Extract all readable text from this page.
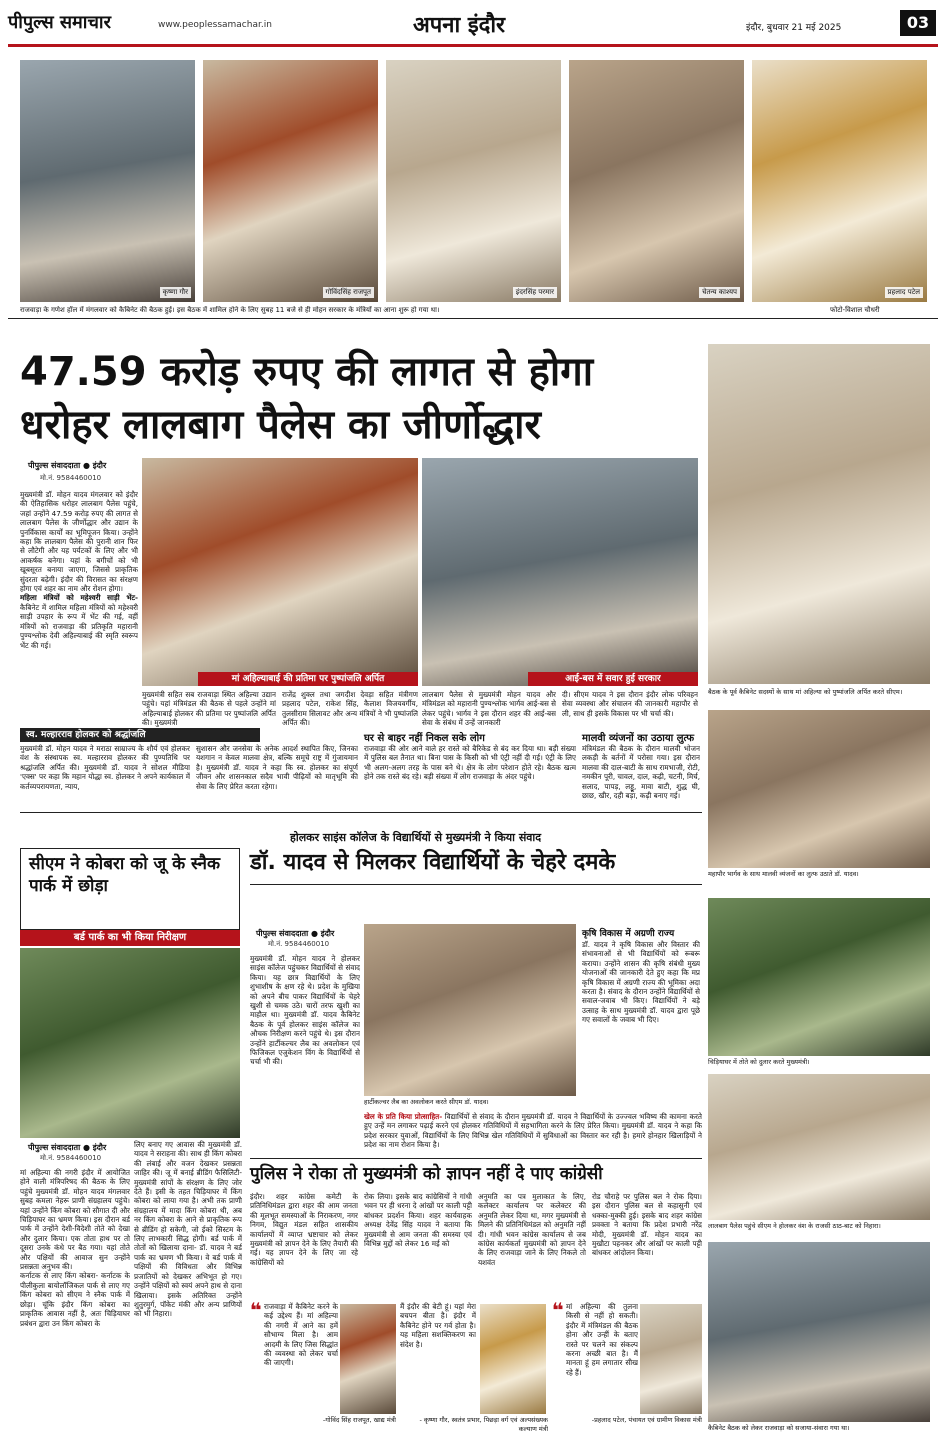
पीपुल्स समाचार	www.peoplessamachar.in	अपना इंदौर	इंदौर, बुधवार 21 मई 2025	03
कृष्णा गौर	गोविंदसिंह राजपूत	इंदरसिंह परमार	चेतन्य काश्यप	प्रहलाद पटेल
राजवाड़ा के गणेश हॉल में मंगलवार को कैबिनेट की बैठक हुई। इस बैठक में शामिल होने के लिए सुबह 11 बजे से ही मोहन सरकार के मंत्रियों का आना शुरू हो गया था।	फोटो-विशाल चौधरी
47.59 करोड़ रुपए की लागत से होगा
धरोहर लालबाग पैलेस का जीर्णोद्धार
पीपुल्स संवाददाता ● इंदौर
मो.नं. 9584460010

मुख्यमंत्री डॉ. मोहन यादव मंगलवार को इंदौर की ऐतिहासिक धरोहर लालबाग पैलेस पहुंचे, जहां उन्होंने 47.59 करोड़ रुपए की लागत से लालबाग पैलेस के जीर्णोद्धार और उद्यान के पुनर्विकास कार्यों का भूमिपूजन किया। उन्होंने कहा कि लालबाग पैलेस की पुरानी शान फिर से लौटेगी और यह पर्यटकों के लिए और भी आकर्षक बनेगा। यहां के बगीचों को भी खूबसूरत बनाया जाएगा, जिससे प्राकृतिक सुंदरता बढ़ेगी। इंदौर की विरासत का संरक्षण होगा एवं शहर का नाम और रोशन होगा।

महिला मंत्रियों को महेश्वरी साड़ी भेंट- कैबिनेट में शामिल महिला मंत्रियों को महेश्वरी साड़ी उपहार के रूप में भेंट की गई, वहीं मंत्रियों को राजवाड़ा की प्रतिकृति महारानी पुण्यश्लोक देवी अहिल्याबाई की स्मृति स्वरूप भेंट की गई।

मां अहिल्याबाई की प्रतिमा पर पुष्पांजलि अर्पित	आई-बस में सवार हुई सरकार
मुख्यमंत्री सहित सब राजवाड़ा स्थित अहिल्या उद्यान पहुंचे। यहां मंत्रिमंडल की बैठक से पहले उन्होंने मां अहिल्याबाई होलकर की प्रतिमा पर पुष्पांजलि अर्पित की। मुख्यमंत्री
राजेंद्र शुक्ल तथा जगदीश देवड़ा सहित मंत्रीगण प्रहलाद पटेल, राकेश सिंह, कैलाश विजयवर्गीय, तुलसीराम सिलावट और अन्य मंत्रियों ने भी पुष्पांजलि अर्पित की।
लालबाग पैलेस से मुख्यमंत्री मोहन यादव और मंत्रिमंडल को महारानी पुण्यश्लोक भार्गव आई-बस से लेकर पहुंचे। भार्गव ने इस दौरान शहर की आई-बस सेवा के संबंध में उन्हें जानकारी
दी। सीएम यादव ने इस दौरान इंदौर लोक परिवहन सेवा व्यवस्था और संचालन की जानकारी महापौर से ली, साथ ही इसके विकास पर भी चर्चा की।
स्व. मल्हारराव होलकर को श्रद्धांजलि
मुख्यमंत्री डॉ. मोहन यादव ने मराठा साम्राज्य के शौर्य एवं होलकर वंश के संस्थापक स्व. मल्हारराव होलकर की पुण्यतिथि पर श्रद्धांजलि अर्पित की। मुख्यमंत्री डॉ. यादव ने सोशल मीडिया 'एक्स' पर कहा कि महान योद्धा स्व. होलकर ने अपने कार्यकाल में कर्तव्यपरायणता, न्याय,
सुशासन और जनसेवा के अनेक आदर्श स्थापित किए, जिनका यशगान न केवल मालवा क्षेत्र, बल्कि समूचे राष्ट्र में गुंजायमान है। मुख्यमंत्री डॉ. यादव ने कहा कि स्व. होलकर का संपूर्ण जीवन और शासनकाल सदैव भावी पीढ़ियों को मातृभूमि की सेवा के लिए प्रेरित करता रहेगा।
घर से बाहर नहीं निकल सके लोग
राजवाड़ा की ओर आने वाले हर रास्ते को बैरिकेड से बंद कर दिया था। बड़ी संख्या में पुलिस बल तैनात था। बिना पास के किसी को भी एंट्री नहीं दी गई। एंट्री के लिए भी अलग-अलग तरह के पास बने थे। क्षेत्र के लोग परेशान होते रहे। बैठक खत्म होने तक रास्ते बंद रहे। बड़ी संख्या में लोग राजवाड़ा के अंदर पहुंचे।
मालवी व्यंजनों का उठाया लुत्फ
मंत्रिमंडल की बैठक के दौरान मालवी भोजन लकड़ी के बर्तनों में परोसा गया। इस दौरान मालवा की दाल-बाटी के साथ रामभाजी, रोटी, नमकीन पूरी, चावल, दाल, कढ़ी, चटनी, मिर्च, सलाद, पापड़, लड्डू, मावा बाटी, शुद्ध घी, छाछ, खीर, दही बड़ा, कढ़ी बनाए गई।
बैठक के पूर्व कैबिनेट सदस्यों के साथ मां अहिल्या को पुष्पांजलि अर्पित करते सीएम।
महापौर भार्गव के साथ मालवी व्यंजनों का लुत्फ उठाते डॉ. यादव।
चिड़ियाघर में तोते को दुलार करते मुख्यमंत्री।
लालबाग पैलेस पहुंचे सीएम ने होलकर वंश के राजसी ठाठ-बाट को निहारा।
कैबिनेट बैठक को लेकर राजवाड़ा को सजाया-संवारा गया था।
सीएम ने कोबरा को जू के स्नैक पार्क में छोड़ा
बर्ड पार्क का भी किया निरीक्षण
पीपुल्स संवाददाता ● इंदौर
मो.नं. 9584460010

मां अहिल्या की नगरी इंदौर में आयोजित होने वाली मंत्रिपरिषद की बैठक के लिए पहुंचे मुख्यमंत्री डॉ. मोहन यादव मंगलवार सुबह कमला नेहरू प्राणी संग्रहालय पहुंचे। यहां उन्होंने किंग कोबरा को सौगात दी और चिड़ियाघर का भ्रमण किया। इस दौरान बर्ड पार्क में उन्होंने देशी-विदेशी तोते को देखा और दुलार किया। एक तोता हाथ पर तो दूसरा उनके कंधे पर बैठ गया। यहां तोते और पक्षियों की आवाज सुन उन्होंने प्रसन्नता अनुभव की।

कर्नाटक से लाए किंग कोबरा- कर्नाटक के पीलीकुला बायोलॉजिकल पार्क से लाए गए किंग कोबरा को सीएम ने स्नैक पार्क में छोड़ा। चूंकि इंदौर किंग कोबरा का प्राकृतिक आवास नहीं है, अतः चिड़ियाघर प्रबंधन द्वारा उन किंग कोबरा के

लिए बनाए गए आवास की मुख्यमंत्री डॉ. यादव ने सराहना की। साथ ही किंग कोबरा की लंबाई और वजन देखकर प्रसन्नता जाहिर की। जू में बनाई ब्रीडिंग फैसिलिटी- मुख्यमंत्री सांपों के संरक्षण के लिए जोर देते हैं। इसी के तहत चिड़ियाघर में किंग कोबरा को लाया गया है। अभी तक प्राणी संग्रहालय में मादा किंग कोबरा थी, अब नर किंग कोबरा के आने से प्राकृतिक रूप से ब्रीडिंग हो सकेगी, जो ईको सिस्टम के लिए लाभकारी सिद्ध होगी। बर्ड पार्क में तोतों को खिलाया दाना- डॉ. यादव ने बर्ड पार्क का भ्रमण भी किया। वे बर्ड पार्क में पक्षियों की विविधता और विभिन्न प्रजातियों को देखकर अभिभूत हो गए। उन्होंने पक्षियों को स्वयं अपने हाथ से दाना खिलाया। इसके अतिरिक्त उन्होंने शुतुरमुर्ग, पॉकेट मंकी और अन्य प्राणियों को भी निहारा।
होलकर साइंस कॉलेज के विद्यार्थियों से मुख्यमंत्री ने किया संवाद
डॉ. यादव से मिलकर विद्यार्थियों के चेहरे दमके
पीपुल्स संवाददाता ● इंदौर
मो.नं. 9584460010
मुख्यमंत्री डॉ. मोहन यादव ने होलकर साइंस कॉलेज पहुंचकर विद्यार्थियों से संवाद किया। यह छात्र विद्यार्थियों के लिए शुभाशीष के क्षण रहे थे। प्रदेश के मुखिया को अपने बीच पाकर विद्यार्थियों के चेहरे खुशी से चमक उठे। चारों तरफ खुशी का माहौल था। मुख्यमंत्री डॉ. यादव कैबिनेट बैठक के पूर्व होलकर साइंस कॉलेज का औचक निरीक्षण करने पहुंचे थे। इस दौरान उन्होंने हार्टीकल्चर लैब का अवलोकन एवं फिजिकल एजुकेशन विंग के विद्यार्थियों से चर्चा भी की।
हार्टीकल्चर लैब का अवलोकन करते सीएम डॉ. यादव।
कृषि विकास में अग्रणी राज्य
डॉ. यादव ने कृषि विकास और विस्तार की संभावनाओं से भी विद्यार्थियों को रूबरू कराया। उन्होंने शासन की कृषि संबंधी मुख्य योजनाओं की जानकारी देते हुए कहा कि मप्र कृषि विकास में अग्रणी राज्य की भूमिका अदा करता है। संवाद के दौरान उन्होंने विद्यार्थियों से सवाल-जवाब भी किए। विद्यार्थियों ने बड़े उत्साह के साथ मुख्यमंत्री डॉ. यादव द्वारा पूछे गए सवालों के जवाब भी दिए।
खेल के प्रति किया प्रोत्साहित- विद्यार्थियों से संवाद के दौरान मुख्यमंत्री डॉ. यादव ने विद्यार्थियों के उज्ज्वल भविष्य की कामना करते हुए उन्हें मन लगाकर पढ़ाई करने एवं होलकर गतिविधियों में सहभागिता करने के लिए प्रेरित किया। मुख्यमंत्री डॉ. यादव ने कहा कि प्रदेश सरकार युवाओं, विद्यार्थियों के लिए विभिन्न खेल गतिविधियों में सुविधाओं का विस्तार कर रही है। हमारे होनहार खिलाड़ियों ने प्रदेश का नाम रोशन किया है।
पुलिस ने रोका तो मुख्यमंत्री को ज्ञापन नहीं दे पाए कांग्रेसी
इंदौर। शहर कांग्रेस कमेटी के प्रतिनिधिमंडल द्वारा शहर की आम जनता की मूलभूत समस्याओं के निराकरण, नगर निगम, विद्युत मंडल सहित शासकीय कार्यालयों में व्याप्त भ्रष्टाचार को लेकर मुख्यमंत्री को ज्ञापन देने के लिए तैयारी की गई। यह ज्ञापन देने के लिए जा रहे कांग्रेसियों को
रोक लिया। इसके बाद कांग्रेसियों ने गांधी भवन पर ही धरना दे आंखों पर काली पट्टी बांधकर प्रदर्शन किया। शहर कार्यवाहक अध्यक्ष देवेंद्र सिंह यादव ने बताया कि मुख्यमंत्री से आम जनता की समस्या एवं विभिन्न मुद्दों को लेकर 16 मई को
अनुमति का पत्र मुलाकात के लिए, कलेक्टर कार्यालय पर कलेक्टर की अनुमति लेकर दिया था, मगर मुख्यमंत्री से मिलने की प्रतिनिधिमंडल को अनुमति नहीं दी। गांधी भवन कांग्रेस कार्यालय से जब कांग्रेस कार्यकर्ता मुख्यमंत्री को ज्ञापन देने के लिए राजवाड़ा जाने के लिए निकले तो यशवंत
रोड चौराहे पर पुलिस बल ने रोक दिया। इस दौरान पुलिस बल से कहासुनी एवं धक्का-मुक्की हुई। इसके बाद शहर कांग्रेस प्रवक्ता ने बताया कि प्रदेश प्रभारी नरेंद्र मोदी, मुख्यमंत्री डॉ. मोहन यादव का मुखौटा पहनकर और आंखों पर काली पट्टी बांधकर आंदोलन किया।
❝ राजवाड़ा में कैबिनेट करने के कई उद्देश्य हैं। मां अहिल्या की नगरी में आने का हमें सौभाग्य मिला है। आम आदमी के लिए जिस सिद्धांत की व्यवस्था को लेकर चर्चा की जाएगी।
-गोविंद सिंह राजपूत, खाद्य मंत्री
मैं इंदौर की बेटी हूं। यहां मेरा बचपन बीता है। इंदौर में कैबिनेट होने पर गर्व होता है। यह महिला सशक्तिकरण का संदेश है।
- कृष्णा गौर, स्वतंत्र प्रभार, पिछड़ा वर्ग एवं अल्पसंख्यक कल्याण मंत्री
❝ मां अहिल्या की तुलना किसी से नहीं हो सकती। इंदौर में मंत्रिमंडल की बैठक होना और उन्हीं के बताए रास्ते पर चलने का संकल्प करना अच्छी बात है। मैं मानता हूं हम लगातार सीख रहे हैं।
-प्रहलाद पटेल, पंचायत एवं ग्रामीण विकास मंत्री
